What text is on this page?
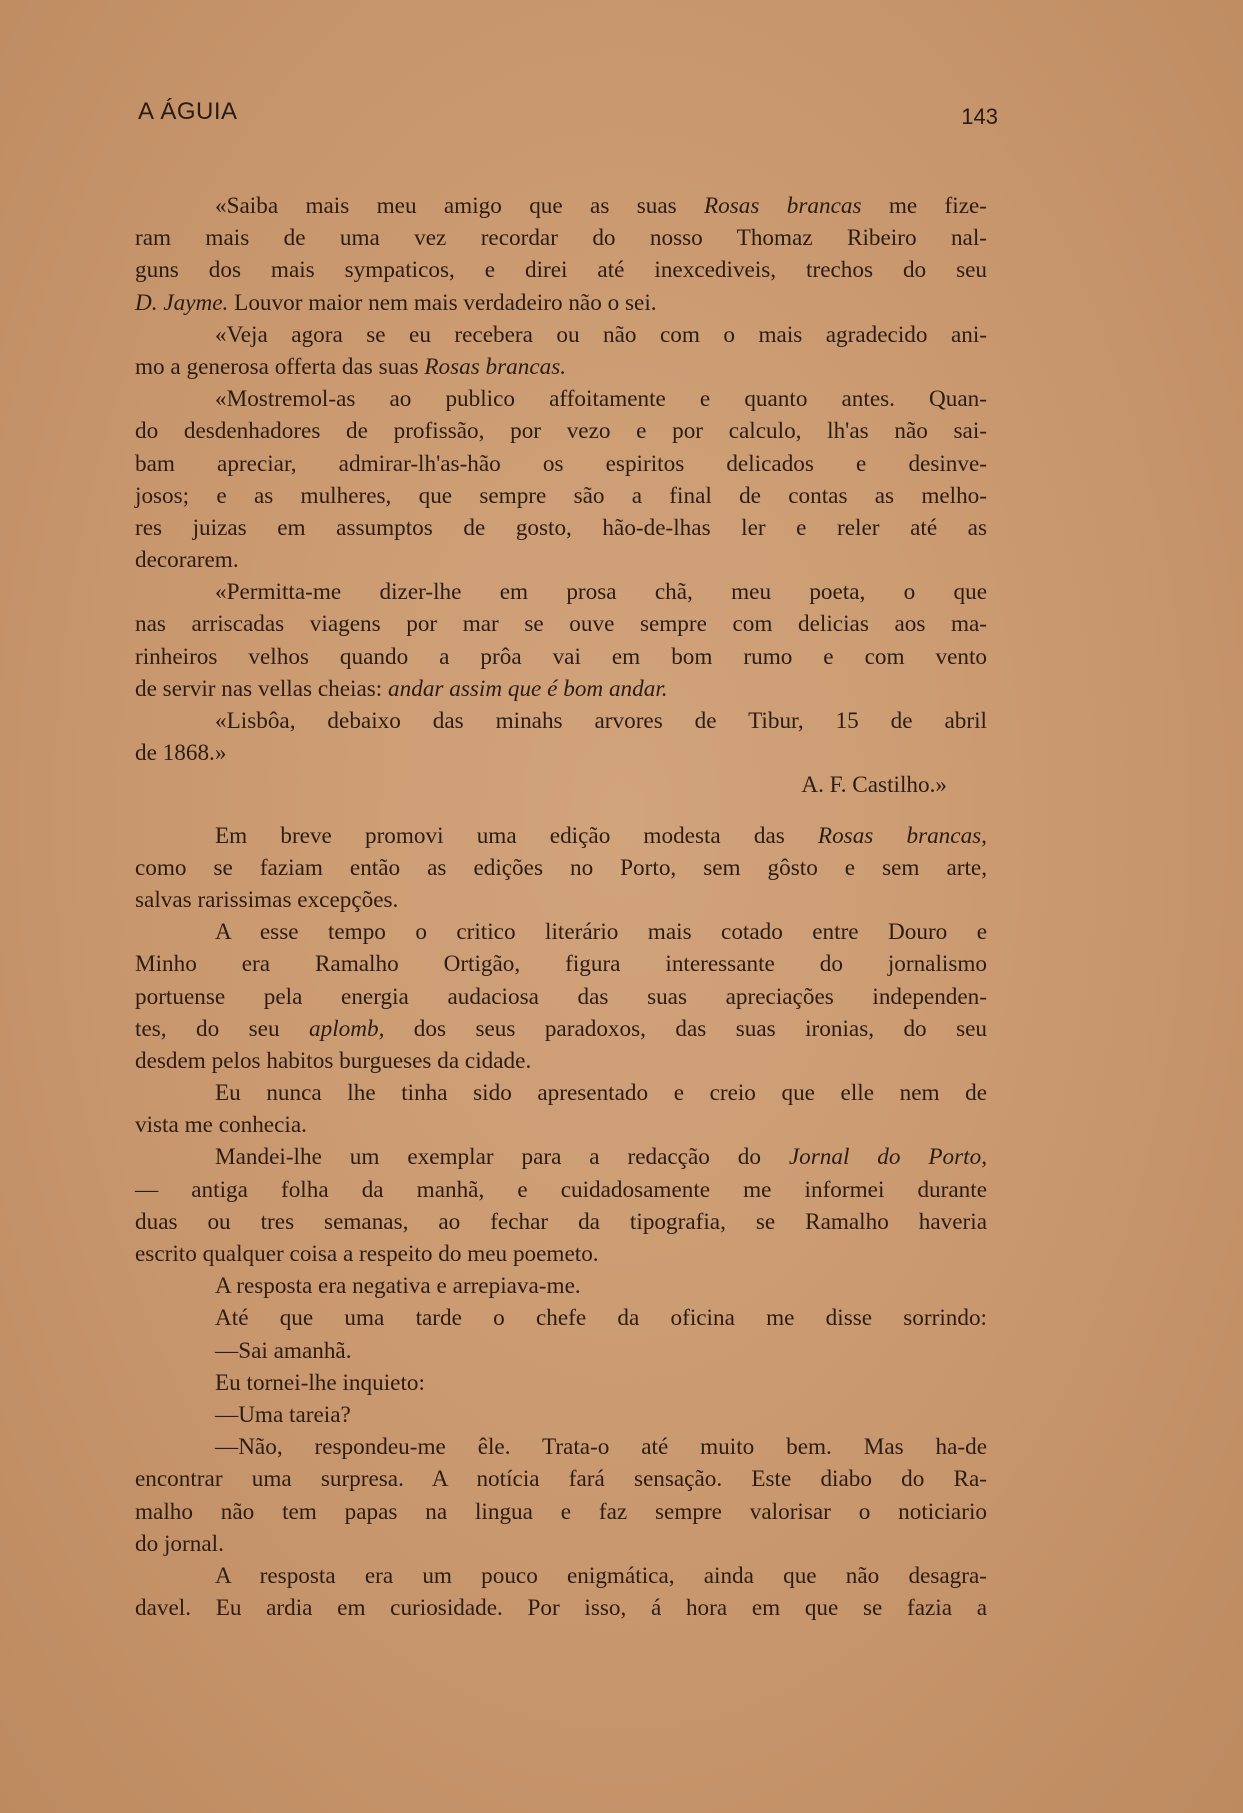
A ÁGUIA	143
«Saiba mais meu amigo que as suas Rosas brancas me fize-
ram mais de uma vez recordar do nosso Thomaz Ribeiro nal-
guns dos mais sympaticos, e direi até inexcediveis, trechos do seu
D. Jayme. Louvor maior nem mais verdadeiro não o sei.
«Veja agora se eu recebera ou não com o mais agradecido ani-
mo a generosa offerta das suas Rosas brancas.
«Mostremol-as ao publico affoitamente e quanto antes. Quan-
do desdenhadores de profissão, por vezo e por calculo, lh'as não sai-
bam apreciar, admirar-lh'as-hão os espiritos delicados e desinve-
josos; e as mulheres, que sempre são a final de contas as melho-
res juizas em assumptos de gosto, hão-de-lhas ler e reler até as
decorarem.
«Permitta-me dizer-lhe em prosa chã, meu poeta, o que
nas arriscadas viagens por mar se ouve sempre com delicias aos ma-
rinheiros velhos quando a prôa vai em bom rumo e com vento
de servir nas vellas cheias: andar assim que é bom andar.
«Lisbôa, debaixo das minahs arvores de Tibur, 15 de abril
de 1868.»
A. F. Castilho.»
Em breve promovi uma edição modesta das Rosas brancas,
como se faziam então as edições no Porto, sem gôsto e sem arte,
salvas rarissimas excepções.
A esse tempo o critico literário mais cotado entre Douro e
Minho era Ramalho Ortigão, figura interessante do jornalismo
portuense pela energia audaciosa das suas apreciações independen-
tes, do seu aplomb, dos seus paradoxos, das suas ironias, do seu
desdem pelos habitos burgueses da cidade.
Eu nunca lhe tinha sido apresentado e creio que elle nem de
vista me conhecia.
Mandei-lhe um exemplar para a redacção do Jornal do Porto,
— antiga folha da manhã, e cuidadosamente me informei durante
duas ou tres semanas, ao fechar da tipografia, se Ramalho haveria
escrito qualquer coisa a respeito do meu poemeto.
A resposta era negativa e arrepiava-me.
Até que uma tarde o chefe da oficina me disse sorrindo:
—Sai amanhã.
Eu tornei-lhe inquieto:
—Uma tareia?
—Não, respondeu-me êle. Trata-o até muito bem. Mas ha-de
encontrar uma surpresa. A notícia fará sensação. Este diabo do Ra-
malho não tem papas na lingua e faz sempre valorisar o noticiario
do jornal.
A resposta era um pouco enigmática, ainda que não desagra-
davel. Eu ardia em curiosidade. Por isso, á hora em que se fazia a
